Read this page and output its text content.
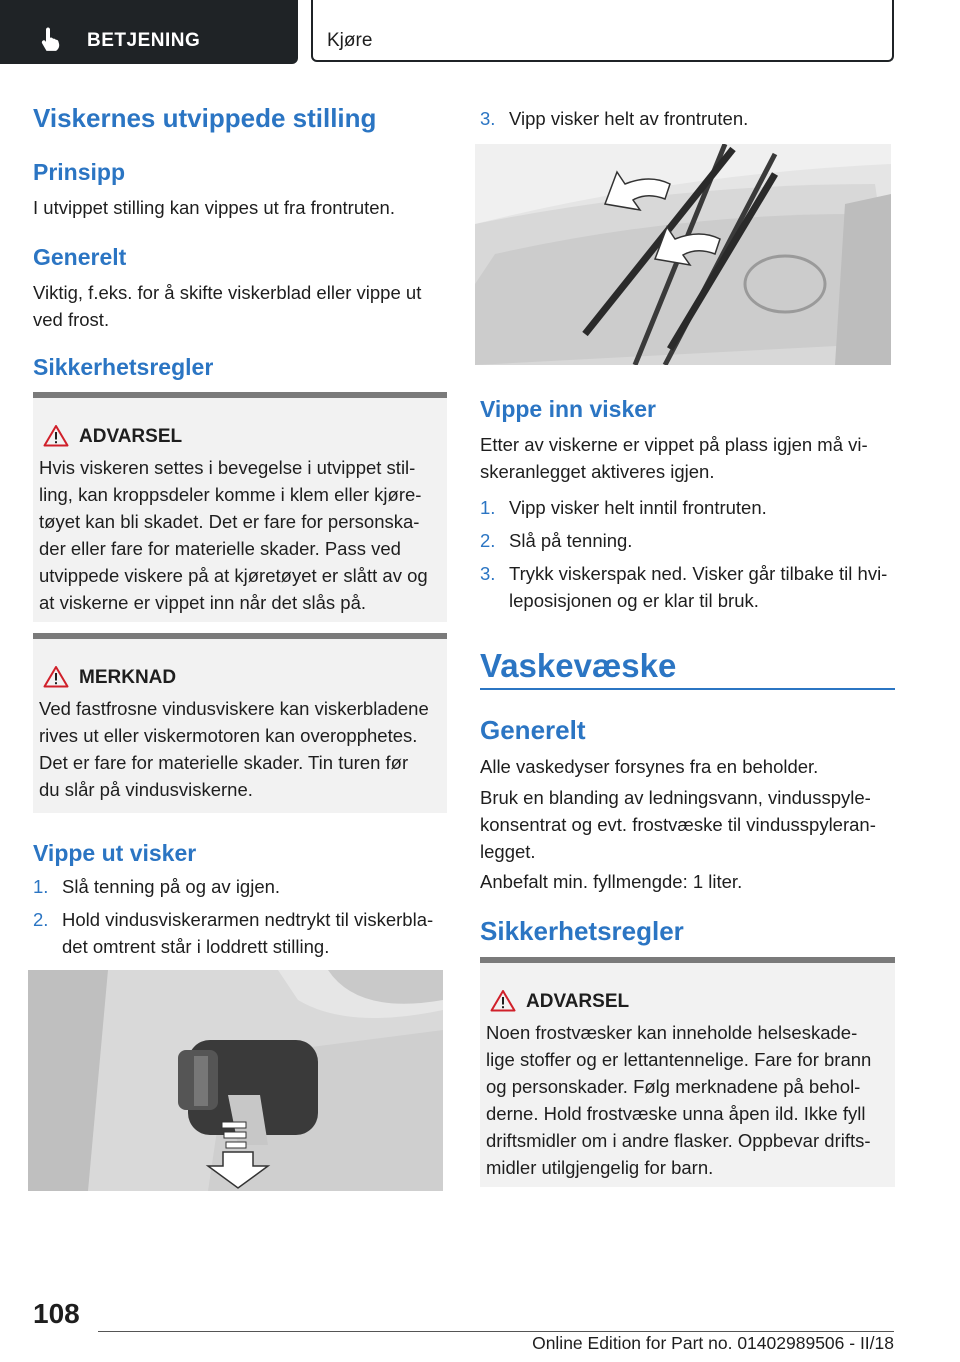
BETJENING	Kjøre
Viskernes utvippede stilling
Prinsipp

I utvippet stilling kan vippes ut fra frontruten.

Generelt

Viktig, f.eks. for å skifte viskerblad eller vippe ut

ved frost.

Sikkerhetsregler
ADVARSEL
Hvis viskeren settes i bevegelse i utvippet stil-
ling, kan kroppsdeler komme i klem eller kjøre-
tøyet kan bli skadet. Det er fare for personska-
der eller fare for materielle skader. Pass ved
utvippede viskere på at kjøretøyet er slått av og
at viskerne er vippet inn når det slås på.
MERKNAD
Ved fastfrosne vindusviskere kan viskerbladene
rives ut eller viskermotoren kan overopphetes.
Det er fare for materielle skader. Tin turen før
du slår på vindusviskerne.
Vippe ut visker
1. Slå tenning på og av igjen.
2. Hold vindusviskerarmen nedtrykt til viskerbla-
det omtrent står i loddrett stilling.
3. Vipp visker helt av frontruten.
Vippe inn visker

Etter av viskerne er vippet på plass igjen må vi-

skeranlegget aktiveres igjen.

1. Vipp visker helt inntil frontruten.
2. Slå på tenning.
3. Trykk viskerspak ned. Visker går tilbake til hvi-
leposisjonen og er klar til bruk.
Vaskevæske
Generelt

Alle vaskedyser forsynes fra en beholder.

Bruk en blanding av ledningsvann, vindusspyle-

konsentrat og evt. frostvæske til vindusspyleran-

legget.

Anbefalt min. fyllmengde: 1 liter.

Sikkerhetsregler
ADVARSEL
Noen frostvæsker kan inneholde helseskade-
lige stoffer og er lettantennelige. Fare for brann
og personskader. Følg merknadene på behol-
derne. Hold frostvæske unna åpen ild. Ikke fyll
driftsmidler om i andre flasker. Oppbevar drifts-
midler utilgjengelig for barn.
108
Online Edition for Part no. 01402989506 - II/18
